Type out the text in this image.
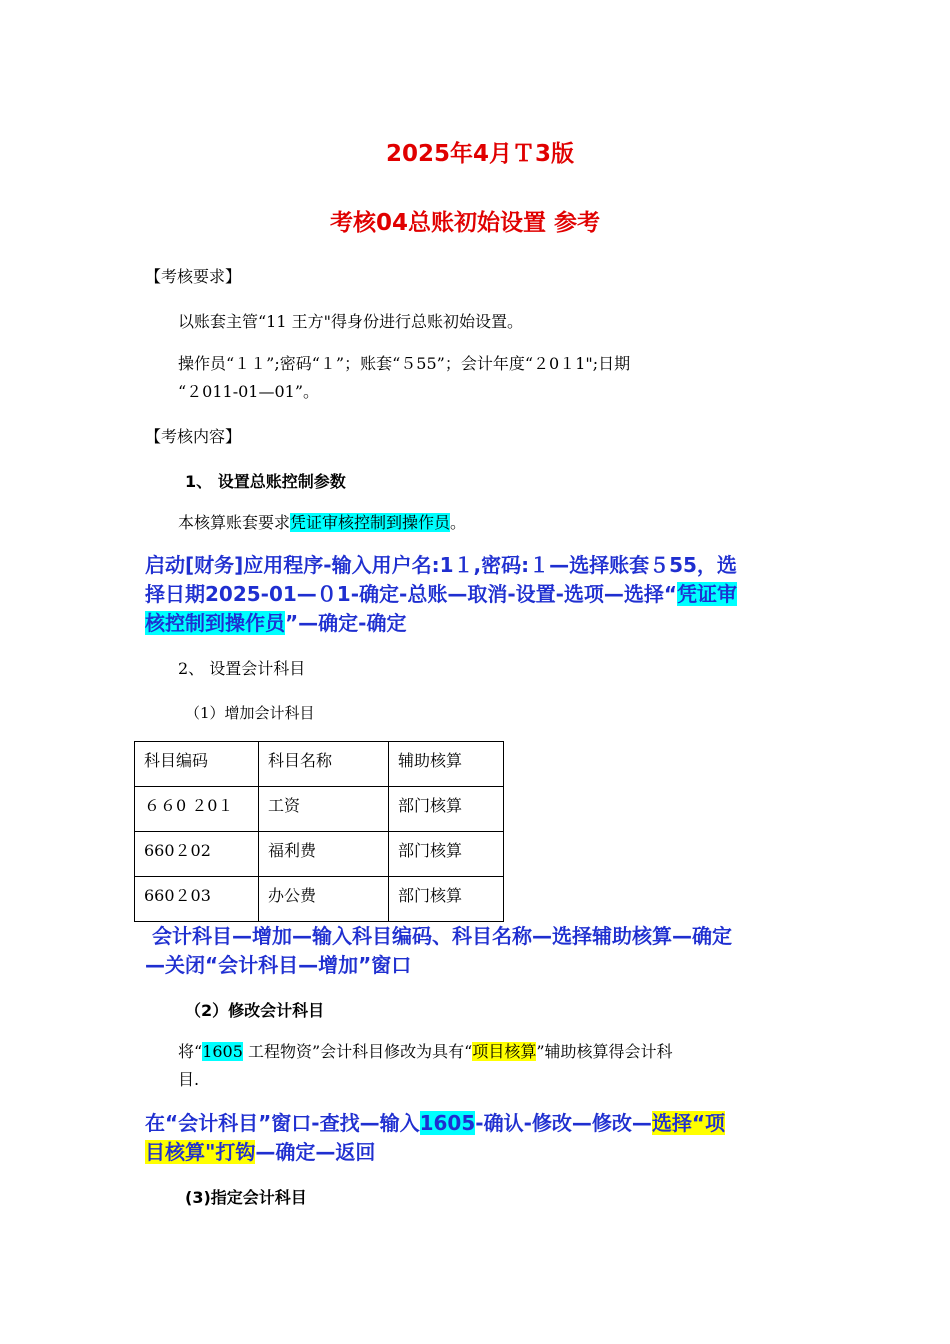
2025年4月Ｔ3版
考核04总账初始设置 参考
【考核要求】
以账套主管“11 王方"得身份进行总账初始设置。
操作员“１１”;密码“１”；账套“５55”；会计年度“２0１1";日期
“２011-01—01”。
【考核内容】
1、 设置总账控制参数
本核算账套要求凭证审核控制到操作员。
启动[财务]应用程序-输入用户名:1１,密码:１—选择账套５55，选
择日期2025-01—０1-确定-总账—取消-设置-选项—选择“凭证审
核控制到操作员”—确定-确定
2、 设置会计科目
（1）增加会计科目
科目编码	科目名称	辅助核算
６６0 ２0１	工资	部门核算
660２02	福利费	部门核算
660２03	办公费	部门核算
会计科目—增加—输入科目编码、科目名称—选择辅助核算—确定
—关闭“会计科目—增加”窗口
（2）修改会计科目
将“1605 工程物资”会计科目修改为具有“项目核算”辅助核算得会计科
目.
在“会计科目”窗口-查找—输入1605-确认-修改—修改—选择“项
目核算"打钩—确定—返回
(3)指定会计科目
